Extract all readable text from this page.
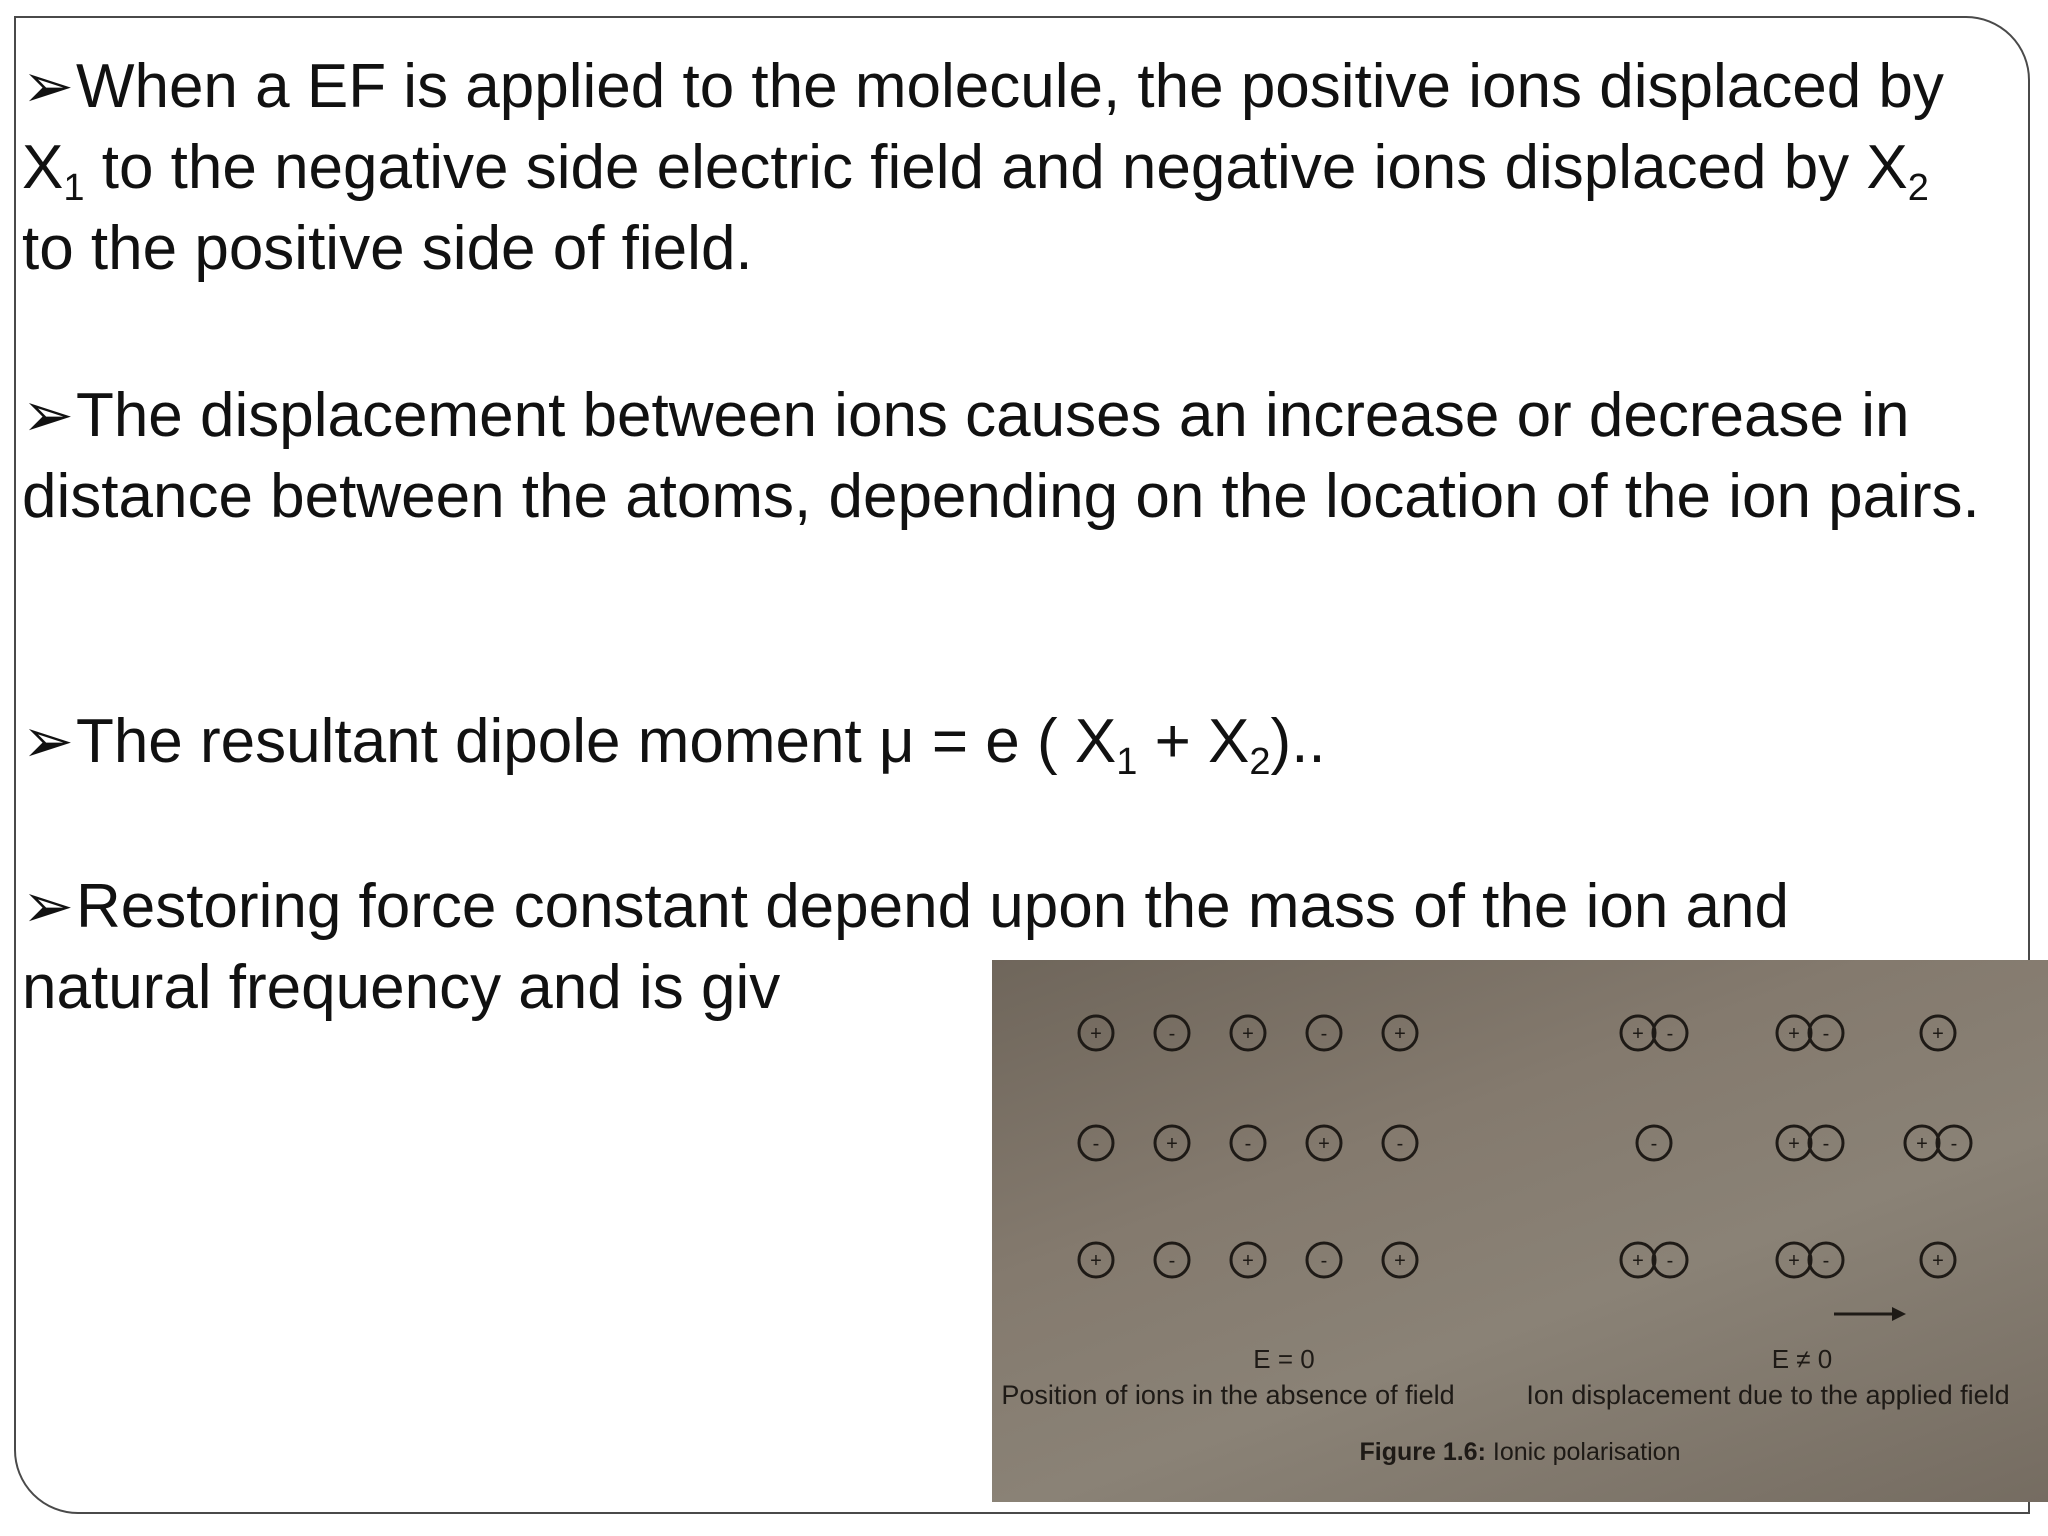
➢When a EF is applied to the molecule, the positive ions displaced by $X_1$ to the negative side electric field and negative ions displaced by $X_2$ to the positive side of field.
➢The displacement between ions causes an increase or decrease in distance between the atoms, depending on the location of the ion pairs.
➢The resultant dipole moment μ = e ( $X_1 + X_2$)..
➢Restoring force constant depend upon the mass of the ion and natural frequency and is giv
+	-	+	-	+
-	+	-	+	-
+	-	+	-	+
+ -	+ -	+
-	+ -	+ -
+ -	+ -	+
E = 0
Position of ions in the absence of field
E ≠ 0
Ion displacement due to the applied field
Figure 1.6: Ionic polarisation
